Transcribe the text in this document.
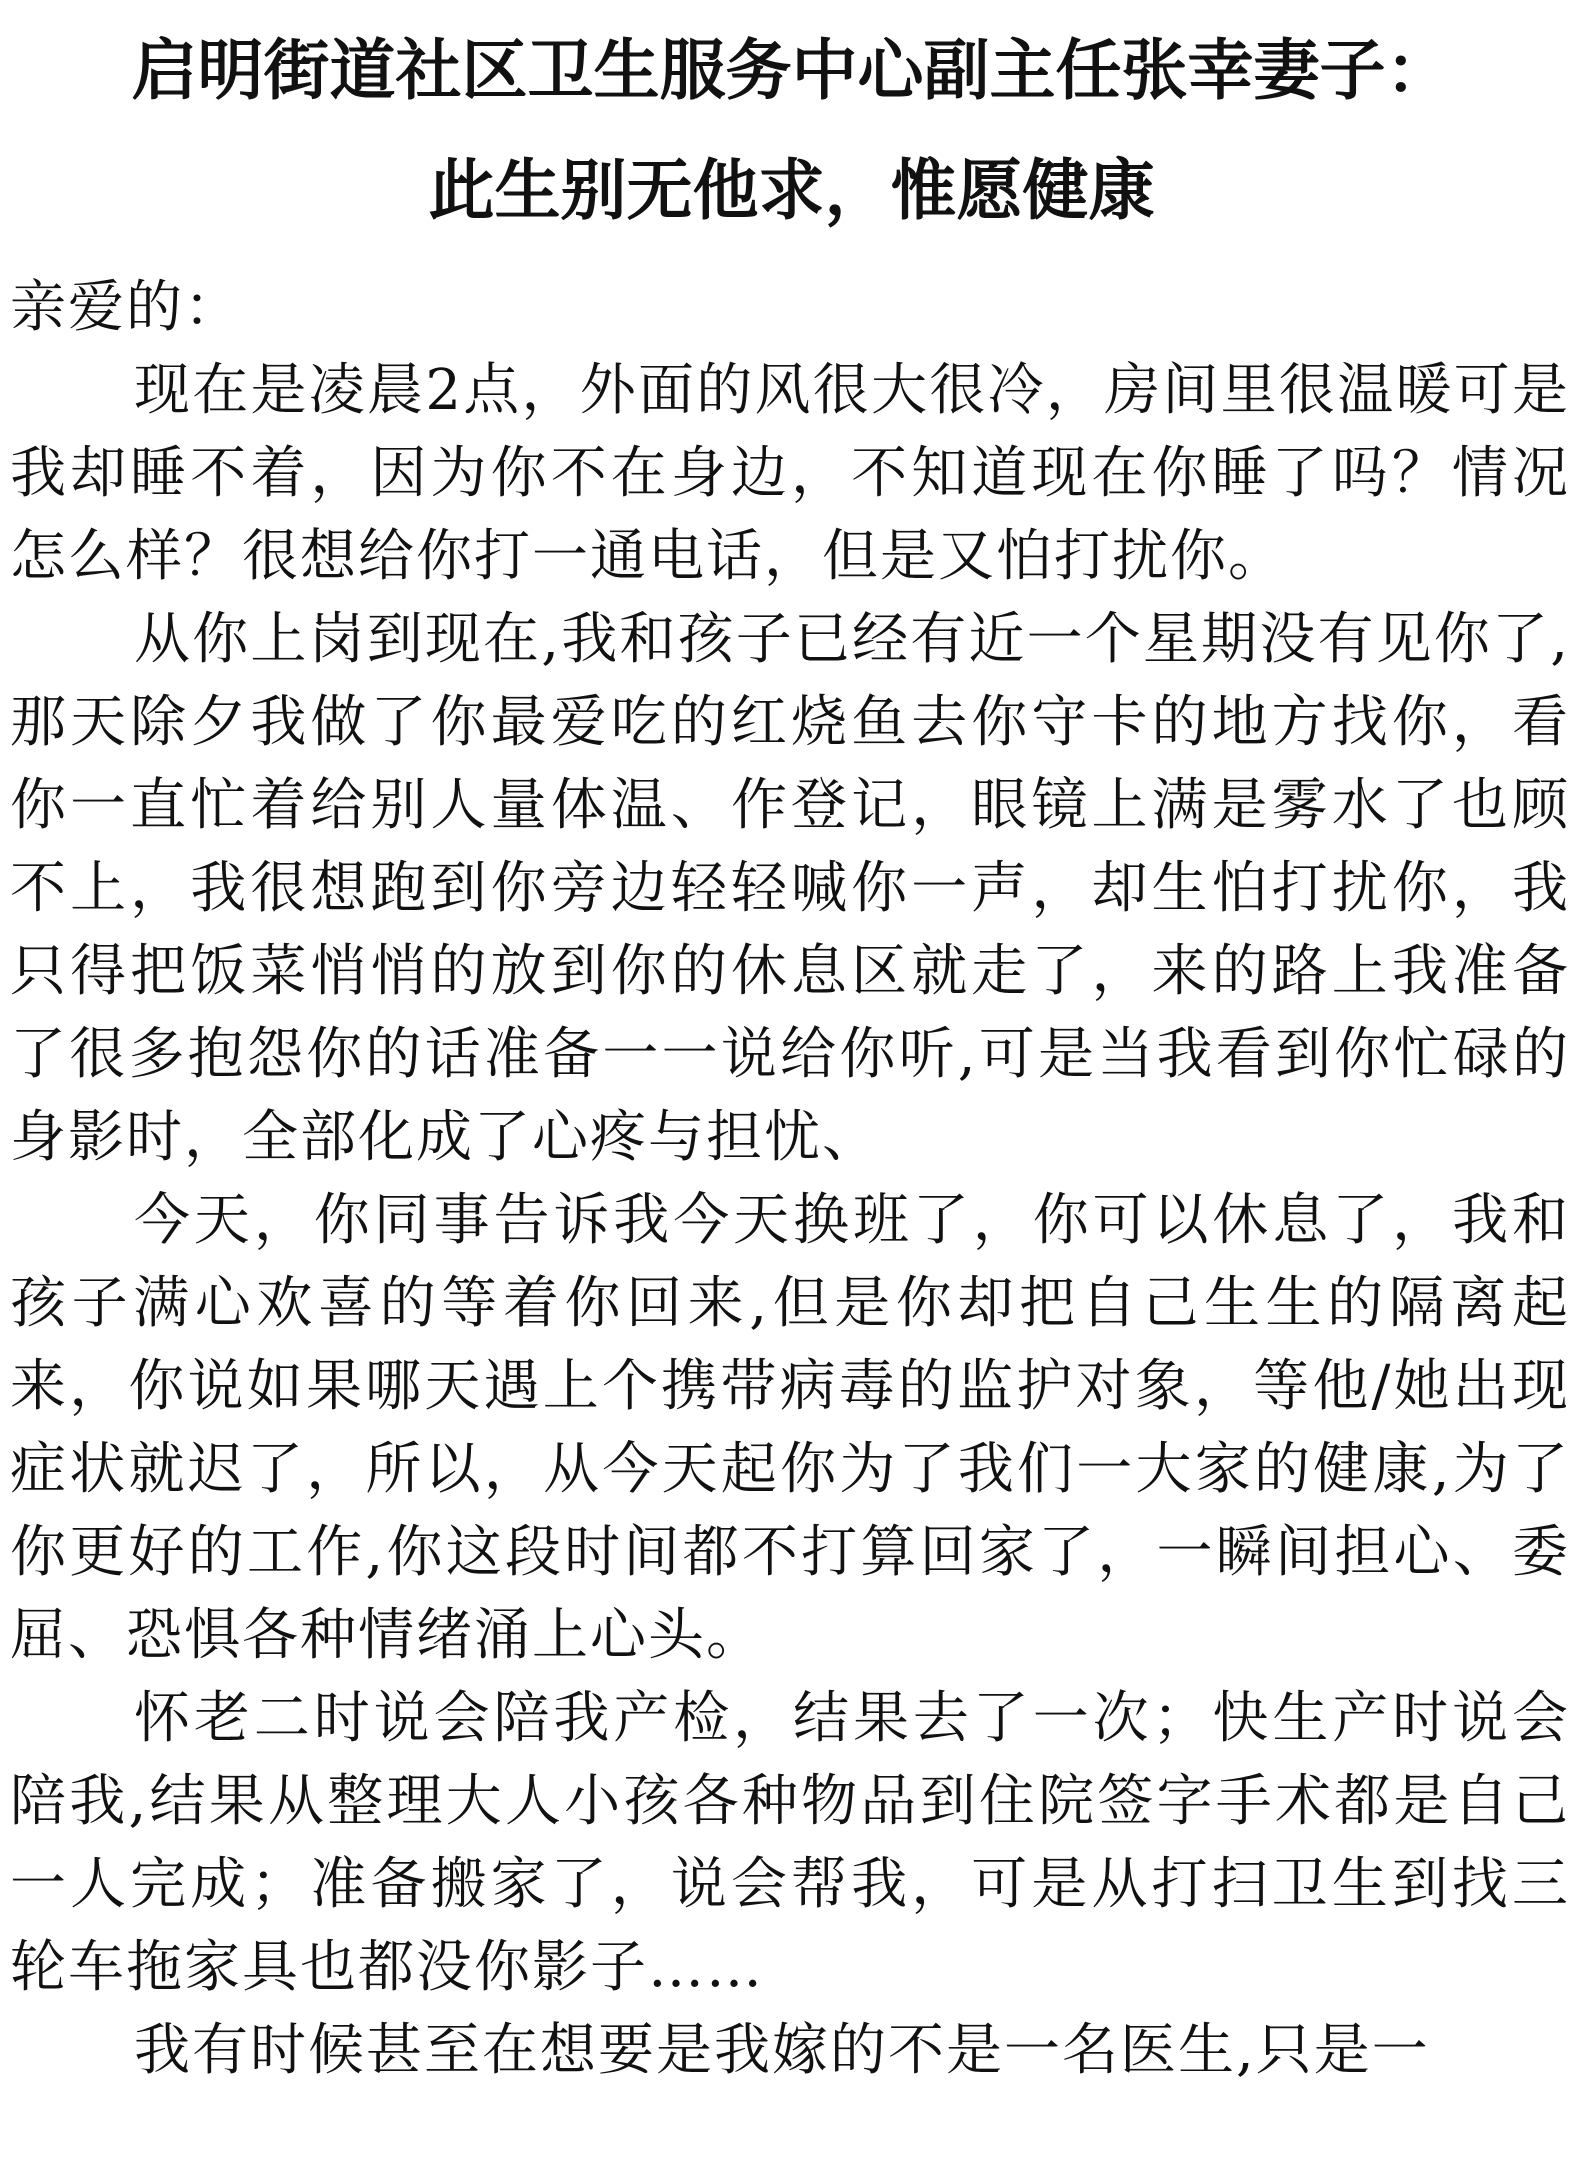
启明街道社区卫生服务中心副主任张幸妻子：
此生别无他求，惟愿健康

亲爱的：

现在是凌晨2点，外面的风很大很冷，房间里很温暖可是我却睡不着，因为你不在身边，不知道现在你睡了吗？情况怎么样？很想给你打一通电话，但是又怕打扰你。

从你上岗到现在,我和孩子已经有近一个星期没有见你了,那天除夕我做了你最爱吃的红烧鱼去你守卡的地方找你，看你一直忙着给别人量体温、作登记，眼镜上满是雾水了也顾不上，我很想跑到你旁边轻轻喊你一声，却生怕打扰你，我只得把饭菜悄悄的放到你的休息区就走了，来的路上我准备了很多抱怨你的话准备一一说给你听,可是当我看到你忙碌的身影时，全部化成了心疼与担忧、

今天，你同事告诉我今天换班了，你可以休息了，我和孩子满心欢喜的等着你回来,但是你却把自己生生的隔离起来，你说如果哪天遇上个携带病毒的监护对象，等他/她出现症状就迟了，所以，从今天起你为了我们一大家的健康,为了你更好的工作,你这段时间都不打算回家了，一瞬间担心、委屈、恐惧各种情绪涌上心头。

怀老二时说会陪我产检，结果去了一次；快生产时说会陪我,结果从整理大人小孩各种物品到住院签字手术都是自己一人完成；准备搬家了，说会帮我，可是从打扫卫生到找三轮车拖家具也都没你影子……

我有时候甚至在想要是我嫁的不是一名医生,只是一
